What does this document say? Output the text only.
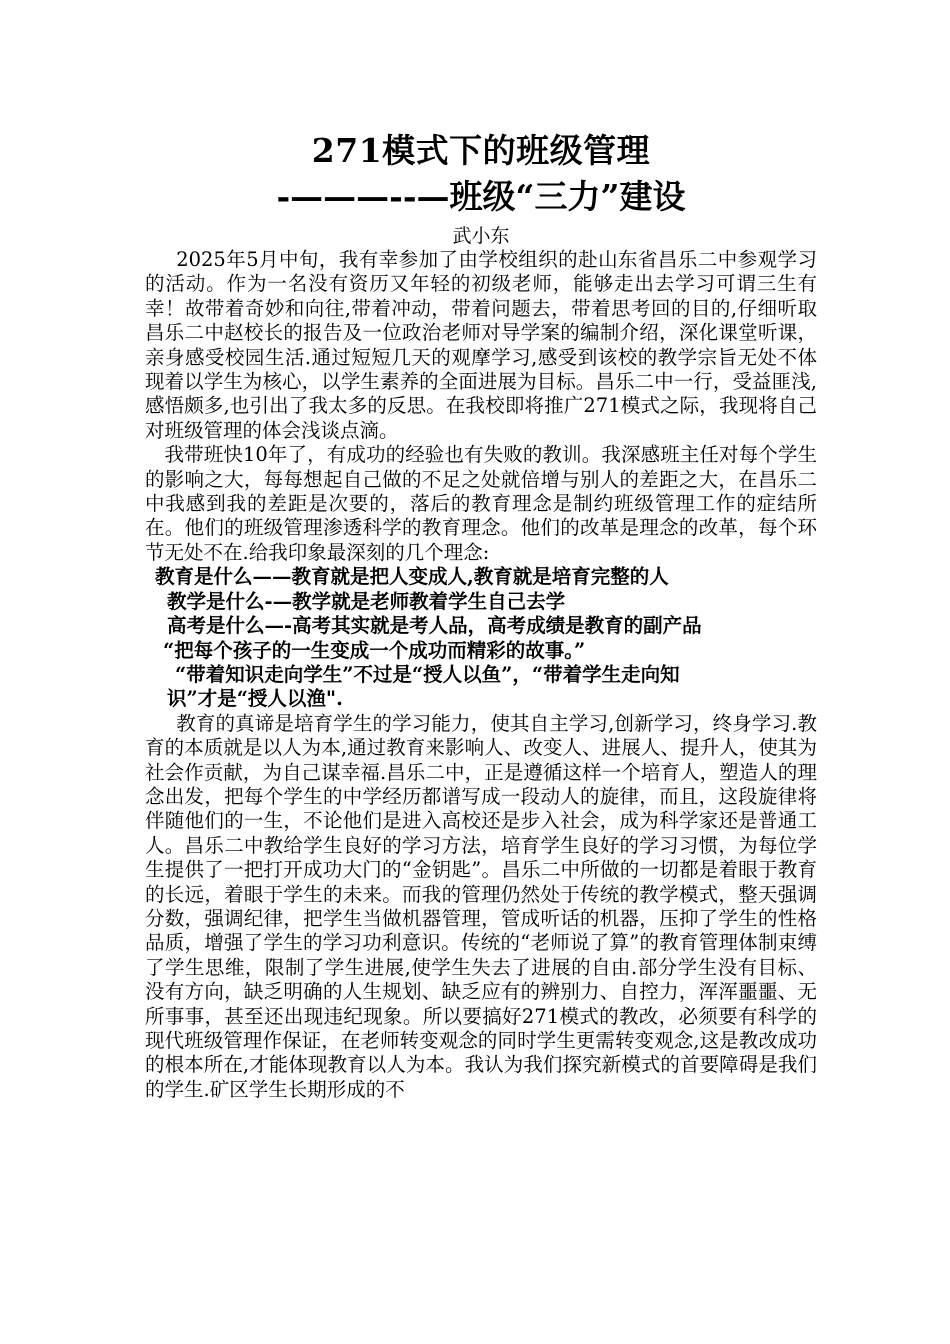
271模式下的班级管理
-———--—班级“三力”建设
武小东

2025年5月中旬，我有幸参加了由学校组织的赴山东省昌乐二中参观学习的活动。作为一名没有资历又年轻的初级老师，能够走出去学习可谓三生有幸！故带着奇妙和向往,带着冲动，带着问题去，带着思考回的目的,仔细听取昌乐二中赵校长的报告及一位政治老师对导学案的编制介绍，深化课堂听课， 亲身感受校园生活.通过短短几天的观摩学习,感受到该校的教学宗旨无处不体现着以学生为核心，以学生素养的全面进展为目标。昌乐二中一行，受益匪浅,感悟颇多,也引出了我太多的反思。在我校即将推广271模式之际，我现将自己对班级管理的体会浅谈点滴。

我带班快10年了，有成功的经验也有失败的教训。我深感班主任对每个学生的影响之大，每每想起自己做的不足之处就倍增与别人的差距之大，在昌乐二中我感到我的差距是次要的，落后的教育理念是制约班级管理工作的症结所在。他们的班级管理渗透科学的教育理念。他们的改革是理念的改革，每个环节无处不在.给我印象最深刻的几个理念:

教育是什么——教育就是把人变成人,教育就是培育完整的人
教学是什么-—教学就是老师教着学生自己去学
高考是什么—-高考其实就是考人品，高考成绩是教育的副产品
“把每个孩子的一生变成一个成功而精彩的故事。”
“带着知识走向学生”不过是“授人以鱼”，“带着学生走向知
识”才是“授人以渔".

教育的真谛是培育学生的学习能力，使其自主学习,创新学习，终身学习.教育的本质就是以人为本,通过教育来影响人、改变人、进展人、提升人，使其为社会作贡献，为自己谋幸福.昌乐二中，正是遵循这样一个培育人，塑造人的理念出发，把每个学生的中学经历都谱写成一段动人的旋律，而且，这段旋律将伴随他们的一生，不论他们是进入高校还是步入社会，成为科学家还是普通工人。昌乐二中教给学生良好的学习方法，培育学生良好的学习习惯，为每位学生提供了一把打开成功大门的“金钥匙”。昌乐二中所做的一切都是着眼于教育的长远，着眼于学生的未来。而我的管理仍然处于传统的教学模式，整天强调分数，强调纪律，把学生当做机器管理，管成听话的机器，压抑了学生的性格品质，增强了学生的学习功利意识。传统的“老师说了算”的教育管理体制束缚了学生思维，限制了学生进展,使学生失去了进展的自由.部分学生没有目标、没有方向，缺乏明确的人生规划、缺乏应有的辨别力、自控力，浑浑噩噩、无所事事，甚至还出现违纪现象。所以要搞好271模式的教改，必须要有科学的现代班级管理作保证，在老师转变观念的同时学生更需转变观念,这是教改成功的根本所在,才能体现教育以人为本。我认为我们探究新模式的首要障碍是我们的学生.矿区学生长期形成的不
